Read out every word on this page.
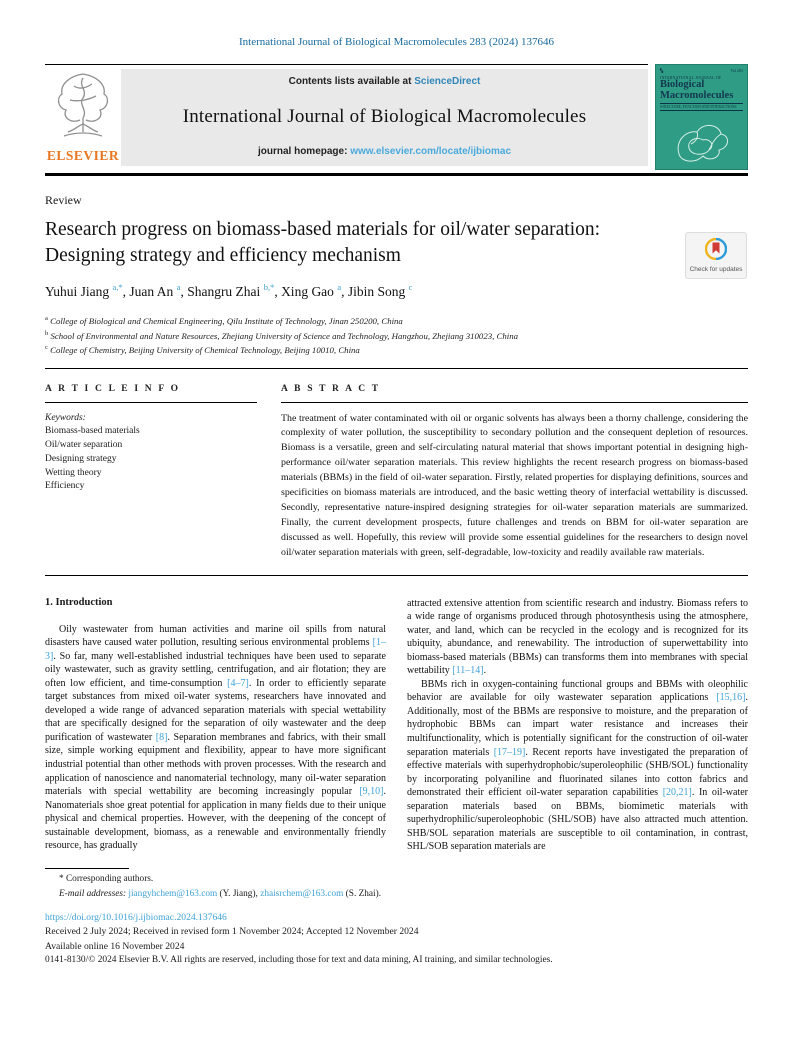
International Journal of Biological Macromolecules 283 (2024) 137646
ELSEVIER
Contents lists available at ScienceDirect
International Journal of Biological Macromolecules
journal homepage: www.elsevier.com/locate/ijbiomac
▚	Vol 283
INTERNATIONAL JOURNAL OF
Biological
Macromolecules
STRUCTURE, FUNCTION AND INTERACTIONS
Review
Research progress on biomass-based materials for oil/water separation: Designing strategy and efficiency mechanism
Check for updates
Yuhui Jiang $^{a,*}$, Juan An $^a$, Shangru Zhai $^{b,*}$, Xing Gao $^a$, Jibin Song $^c$
$^a$ College of Biological and Chemical Engineering, Qilu Institute of Technology, Jinan 250200, China
$^b$ School of Environmental and Nature Resources, Zhejiang University of Science and Technology, Hangzhou, Zhejiang 310023, China
$^c$ College of Chemistry, Beijing University of Chemical Technology, Beijing 10010, China
A R T I C L E I N F O
Keywords:
Biomass-based materials
Oil/water separation
Designing strategy
Wetting theory
Efficiency
A B S T R A C T
The treatment of water contaminated with oil or organic solvents has always been a thorny challenge, considering the complexity of water pollution, the susceptibility to secondary pollution and the consequent depletion of resources. Biomass is a versatile, green and self-circulating natural material that shows important potential in designing high-performance oil/water separation materials. This review highlights the recent research progress on biomass-based materials (BBMs) in the field of oil-water separation. Firstly, related properties for displaying definitions, sources and specificities on biomass materials are introduced, and the basic wetting theory of interfacial wettability is discussed. Secondly, representative nature-inspired designing strategies for oil-water separation materials are summarized. Finally, the current development prospects, future challenges and trends on BBM for oil-water separation are discussed as well. Hopefully, this review will provide some essential guidelines for the researchers to design novel oil/water separation materials with green, self-degradable, low-toxicity and readily available raw materials.
1. Introduction

Oily wastewater from human activities and marine oil spills from natural disasters have caused water pollution, resulting serious environmental problems [1–3]. So far, many well-established industrial techniques have been used to separate oily wastewater, such as gravity settling, centrifugation, and air flotation; they are often low efficient, and time-consumption [4–7]. In order to efficiently separate target substances from mixed oil-water systems, researchers have innovated and developed a wide range of advanced separation materials with special wettability that are specifically designed for the separation of oily wastewater and the deep purification of wastewater [8]. Separation membranes and fabrics, with their small size, simple working equipment and flexibility, appear to have more significant industrial potential than other methods with proven processes. With the research and application of nanoscience and nanomaterial technology, many oil-water separation materials with special wettability are becoming increasingly popular [9,10]. Nanomaterials shoe great potential for application in many fields due to their unique physical and chemical properties. However, with the deepening of the concept of sustainable development, biomass, as a renewable and environmentally friendly resource, has gradually

attracted extensive attention from scientific research and industry. Biomass refers to a wide range of organisms produced through photosynthesis using the atmosphere, water, and land, which can be recycled in the ecology and is recognized for its ubiquity, abundance, and renewability. The introduction of superwettability into biomass-based materials (BBMs) can transforms them into membranes with special wettability [11–14].

BBMs rich in oxygen-containing functional groups and BBMs with oleophilic behavior are available for oily wastewater separation applications [15,16]. Additionally, most of the BBMs are responsive to moisture, and the preparation of hydrophobic BBMs can impart water resistance and increases their multifunctionality, which is potentially significant for the construction of oil-water separation materials [17–19]. Recent reports have investigated the preparation of effective materials with superhydrophobic/superoleophilic (SHB/SOL) functionality by incorporating polyaniline and fluorinated silanes into cotton fabrics and demonstrated their efficient oil-water separation capabilities [20,21]. In oil-water separation materials based on BBMs, biomimetic materials with superhydrophilic/superoleophobic (SHL/SOB) have also attracted much attention. SHB/SOL separation materials are susceptible to oil contamination, in contrast, SHL/SOB separation materials are

* Corresponding authors.
E-mail addresses: jiangyhchem@163.com (Y. Jiang), zhaisrchem@163.com (S. Zhai).
https://doi.org/10.1016/j.ijbiomac.2024.137646
Received 2 July 2024; Received in revised form 1 November 2024; Accepted 12 November 2024
Available online 16 November 2024
0141-8130/© 2024 Elsevier B.V. All rights are reserved, including those for text and data mining, AI training, and similar technologies.
